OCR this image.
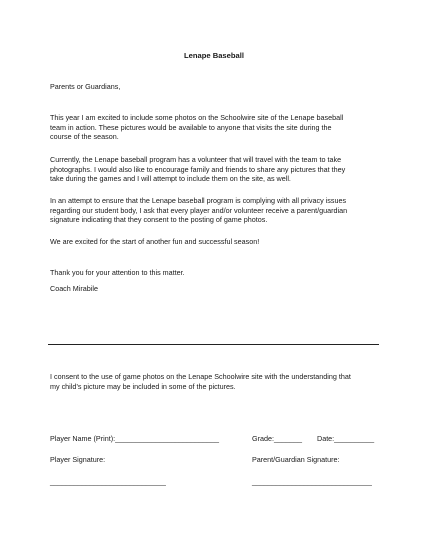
Lenape Baseball

Parents or Guardians,

This year I am excited to include some photos on the Schoolwire site of the Lenape baseball
team in action. These pictures would be available to anyone that visits the site during the
course of the season.
Currently, the Lenape baseball program has a volunteer that will travel with the team to take
photographs. I would also like to encourage family and friends to share any pictures that they
take during the games and I will attempt to include them on the site, as well.
In an attempt to ensure that the Lenape baseball program is complying with all privacy issues
regarding our student body, I ask that every player and/or volunteer receive a parent/guardian
signature indicating that they consent to the posting of game photos.

We are excited for the start of another fun and successful season!

Thank you for your attention to this matter.

Coach Mirabile

I consent to the use of game photos on the Lenape Schoolwire site with the understanding that
my child’s picture may be included in some of the pictures.

Player Name (Print):__________________________	Grade:_______ Date:__________

Player Signature:	Parent/Guardian Signature:

_____________________________	______________________________
